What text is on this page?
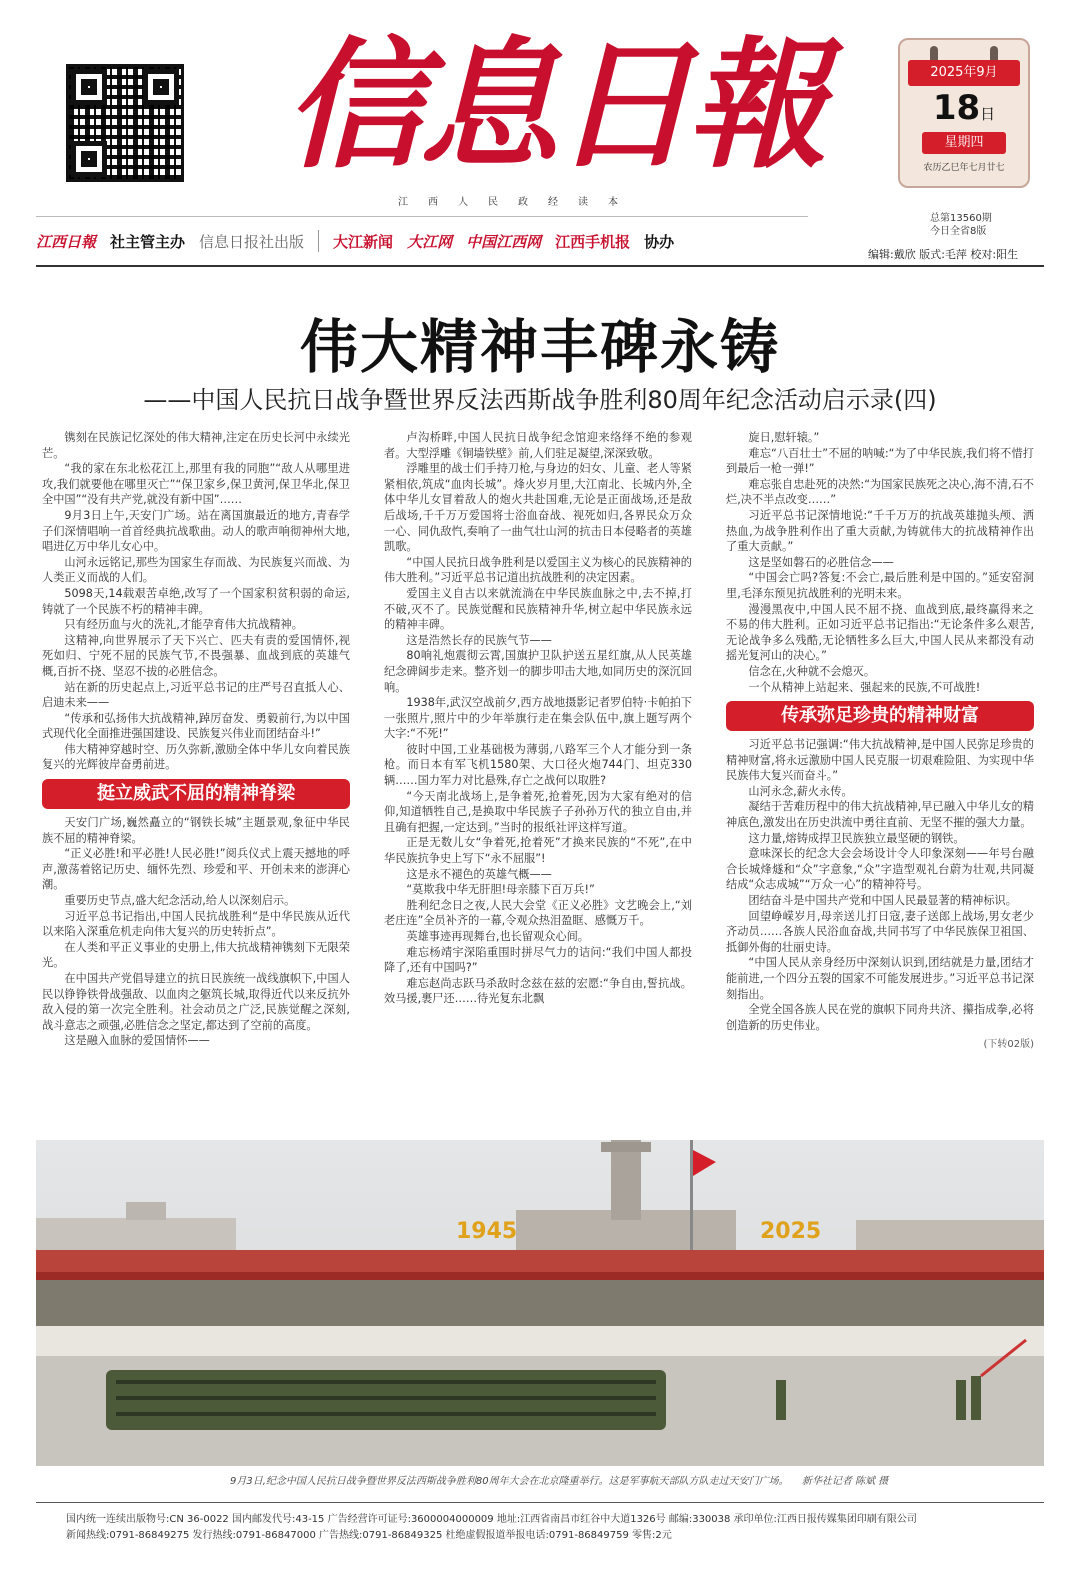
信息日報
江西人民政经读本
2025年9月
18日
星期四
农历乙巳年七月廿七
江西日報 社主管主办 信息日报社出版 大江新闻 大江网 中国江西网 江西手机报 协办
总第13560期
今日全省8版
编辑:戴欣 版式:毛萍 校对:阳生
伟大精神丰碑永铸
——中国人民抗日战争暨世界反法西斯战争胜利80周年纪念活动启示录(四)

镌刻在民族记忆深处的伟大精神,注定在历史长河中永续光芒。

“我的家在东北松花江上,那里有我的同胞”“敌人从哪里进攻,我们就要他在哪里灭亡”“保卫家乡,保卫黄河,保卫华北,保卫全中国”“没有共产党,就没有新中国”……

9月3日上午,天安门广场。站在离国旗最近的地方,青春学子们深情唱响一首首经典抗战歌曲。动人的歌声响彻神州大地,唱进亿万中华儿女心中。

山河永远铭记,那些为国家生存而战、为民族复兴而战、为人类正义而战的人们。

5098天,14载艰苦卓绝,改写了一个国家积贫积弱的命运,铸就了一个民族不朽的精神丰碑。

只有经历血与火的洗礼,才能孕育伟大抗战精神。

这精神,向世界展示了天下兴亡、匹夫有责的爱国情怀,视死如归、宁死不屈的民族气节,不畏强暴、血战到底的英雄气概,百折不挠、坚忍不拔的必胜信念。

站在新的历史起点上,习近平总书记的庄严号召直抵人心、启迪未来——

“传承和弘扬伟大抗战精神,踔厉奋发、勇毅前行,为以中国式现代化全面推进强国建设、民族复兴伟业而团结奋斗!”

伟大精神穿越时空、历久弥新,激励全体中华儿女向着民族复兴的光辉彼岸奋勇前进。

挺立威武不屈的精神脊梁

天安门广场,巍然矗立的“钢铁长城”主题景观,象征中华民族不屈的精神脊梁。

“正义必胜!和平必胜!人民必胜!”阅兵仪式上震天撼地的呼声,激荡着铭记历史、缅怀先烈、珍爱和平、开创未来的澎湃心潮。

重要历史节点,盛大纪念活动,给人以深刻启示。

习近平总书记指出,中国人民抗战胜利“是中华民族从近代以来陷入深重危机走向伟大复兴的历史转折点”。

在人类和平正义事业的史册上,伟大抗战精神镌刻下无限荣光。

在中国共产党倡导建立的抗日民族统一战线旗帜下,中国人民以铮铮铁骨战强敌、以血肉之躯筑长城,取得近代以来反抗外敌入侵的第一次完全胜利。社会动员之广泛,民族觉醒之深刻,战斗意志之顽强,必胜信念之坚定,都达到了空前的高度。

这是融入血脉的爱国情怀——

卢沟桥畔,中国人民抗日战争纪念馆迎来络绎不绝的参观者。大型浮雕《铜墙铁壁》前,人们驻足凝望,深深致敬。

浮雕里的战士们手持刀枪,与身边的妇女、儿童、老人等紧紧相依,筑成“血肉长城”。烽火岁月里,大江南北、长城内外,全体中华儿女冒着敌人的炮火共赴国难,无论是正面战场,还是敌后战场,千千万万爱国将士浴血奋战、视死如归,各界民众万众一心、同仇敌忾,奏响了一曲气壮山河的抗击日本侵略者的英雄凯歌。

“中国人民抗日战争胜利是以爱国主义为核心的民族精神的伟大胜利。”习近平总书记道出抗战胜利的决定因素。

爱国主义自古以来就流淌在中华民族血脉之中,去不掉,打不破,灭不了。民族觉醒和民族精神升华,树立起中华民族永远的精神丰碑。

这是浩然长存的民族气节——

80响礼炮震彻云霄,国旗护卫队护送五星红旗,从人民英雄纪念碑阔步走来。整齐划一的脚步叩击大地,如同历史的深沉回响。

1938年,武汉空战前夕,西方战地摄影记者罗伯特·卡帕拍下一张照片,照片中的少年举旗行走在集会队伍中,旗上题写两个大字:“不死!”

彼时中国,工业基础极为薄弱,八路军三个人才能分到一条枪。而日本有军飞机1580架、大口径火炮744门、坦克330辆……国力军力对比悬殊,存亡之战何以取胜?

“今天南北战场上,是争着死,抢着死,因为大家有绝对的信仰,知道牺牲自己,是换取中华民族子子孙孙万代的独立自由,并且确有把握,一定达到。”当时的报纸社评这样写道。

正是无数儿女“争着死,抢着死”才换来民族的“不死”,在中华民族抗争史上写下“永不屈服”!

这是永不褪色的英雄气概——

“莫欺我中华无肝胆!母亲膝下百万兵!”

胜利纪念日之夜,人民大会堂《正义必胜》文艺晚会上,“刘老庄连”全员补齐的一幕,令观众热泪盈眶、感慨万千。

英雄事迹再现舞台,也长留观众心间。

难忘杨靖宇深陷重围时拼尽气力的诘问:“我们中国人都投降了,还有中国吗?”

难忘赵尚志跃马杀敌时念兹在兹的宏愿:“争自由,誓抗战。效马援,裹尸还……待光复东北飘

旋日,慰轩辕。”

难忘“八百壮士”不屈的呐喊:“为了中华民族,我们将不惜打到最后一枪一弹!”

难忘张自忠赴死的决然:“为国家民族死之决心,海不清,石不烂,决不半点改变……”

习近平总书记深情地说:“千千万万的抗战英雄抛头颅、洒热血,为战争胜利作出了重大贡献,为铸就伟大的抗战精神作出了重大贡献。”

这是坚如磐石的必胜信念——

“中国会亡吗?答复:不会亡,最后胜利是中国的。”延安窑洞里,毛泽东预见抗战胜利的光明未来。

漫漫黑夜中,中国人民不屈不挠、血战到底,最终赢得来之不易的伟大胜利。正如习近平总书记指出:“无论条件多么艰苦,无论战争多么残酷,无论牺牲多么巨大,中国人民从来都没有动摇光复河山的决心。”

信念在,火种就不会熄灭。

一个从精神上站起来、强起来的民族,不可战胜!

传承弥足珍贵的精神财富

习近平总书记强调:“伟大抗战精神,是中国人民弥足珍贵的精神财富,将永远激励中国人民克服一切艰难险阻、为实现中华民族伟大复兴而奋斗。”

山河永念,薪火永传。

凝结于苦难历程中的伟大抗战精神,早已融入中华儿女的精神底色,激发出在历史洪流中勇往直前、无坚不摧的强大力量。

这力量,熔铸成捍卫民族独立最坚硬的钢铁。

意味深长的纪念大会会场设计令人印象深刻——年号台融合长城烽燧和“众”字意象,“众”字造型观礼台蔚为壮观,共同凝结成“众志成城”“万众一心”的精神符号。

团结奋斗是中国共产党和中国人民最显著的精神标识。

回望峥嵘岁月,母亲送儿打日寇,妻子送郎上战场,男女老少齐动员……各族人民浴血奋战,共同书写了中华民族保卫祖国、抵御外侮的壮丽史诗。

“中国人民从亲身经历中深刻认识到,团结就是力量,团结才能前进,一个四分五裂的国家不可能发展进步。”习近平总书记深刻指出。

全党全国各族人民在党的旗帜下同舟共济、攥指成拳,必将创造新的历史伟业。

(下转02版)
1945	2025
9月3日,纪念中国人民抗日战争暨世界反法西斯战争胜利80周年大会在北京隆重举行。这是军事航天部队方队走过天安门广场。 新华社记者 陈斌 摄
国内统一连续出版物号:CN 36-0022 国内邮发代号:43-15 广告经营许可证号:3600004000009 地址:江西省南昌市红谷中大道1326号 邮编:330038 承印单位:江西日报传媒集团印刷有限公司
新闻热线:0791-86849275 发行热线:0791-86847000 广告热线:0791-86849325 杜绝虚假报道举报电话:0791-86849759 零售:2元
